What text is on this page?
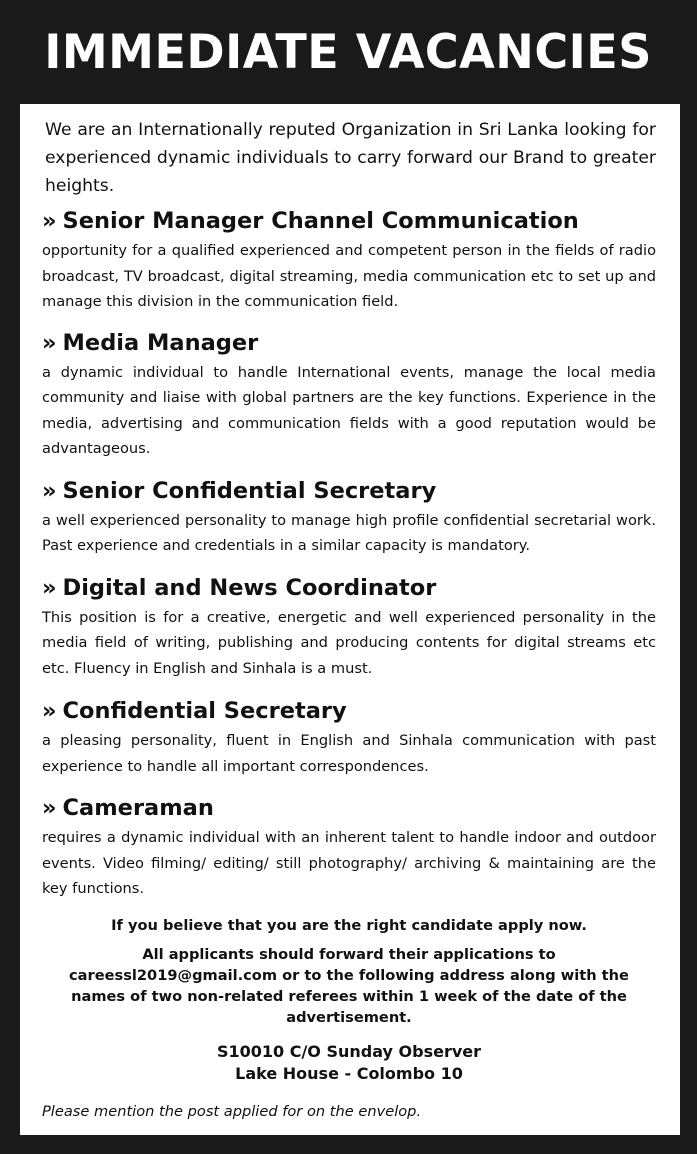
IMMEDIATE VACANCIES

We are an Internationally reputed Organization in Sri Lanka looking for experienced dynamic individuals to carry forward our Brand to greater heights.

» Senior Manager Channel Communication

opportunity for a qualified experienced and competent person in the fields of radio broadcast, TV broadcast, digital streaming, media communication etc to set up and manage this division in the communication field.

» Media Manager

a dynamic individual to handle International events, manage the local media community and liaise with global partners are the key functions. Experience in the media, advertising and communication fields with a good reputation would be advantageous.

» Senior Confidential Secretary

a well experienced personality to manage high profile confidential secretarial work. Past experience and credentials in a similar capacity is mandatory.

» Digital and News Coordinator

This position is for a creative, energetic and well experienced personality in the media field of writing, publishing and producing contents for digital streams etc etc. Fluency in English and Sinhala is a must.

» Confidential Secretary

a pleasing personality, fluent in English and Sinhala communication with past experience to handle all important correspondences.

» Cameraman

requires a dynamic individual with an inherent talent to handle indoor and outdoor events. Video filming/ editing/ still photography/ archiving & maintaining are the key functions.

If you believe that you are the right candidate apply now.

All applicants should forward their applications to careessl2019@gmail.com or to the following address along with the names of two non-related referees within 1 week of the date of the advertisement.

S10010 C/O Sunday Observer
Lake House - Colombo 10

Please mention the post applied for on the envelop.
